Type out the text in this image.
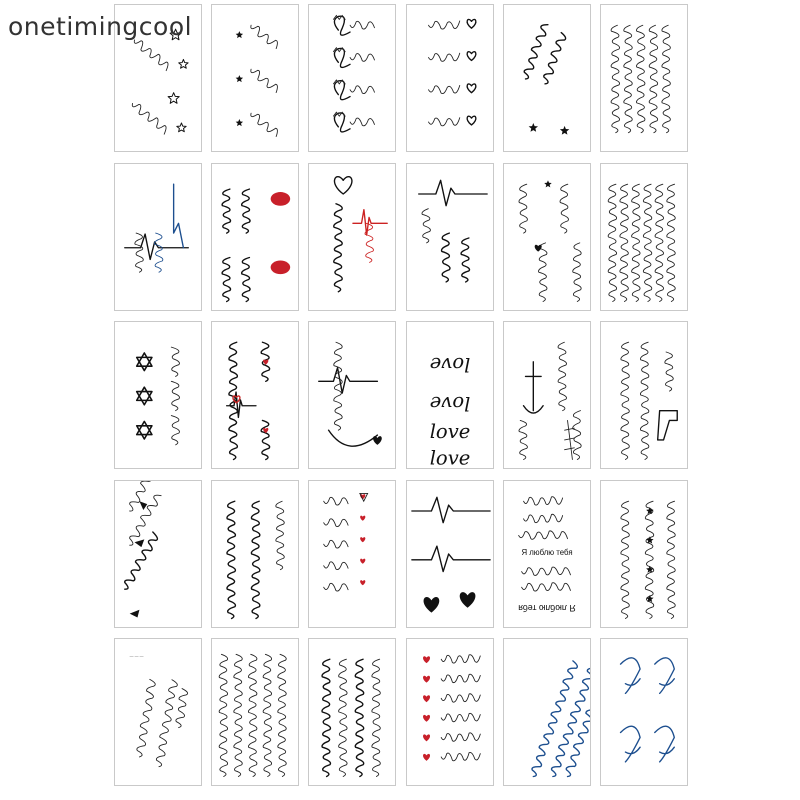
onetimingcool
love
love
love
love
Я люблю тебя
Я люблю тебя
— — —
